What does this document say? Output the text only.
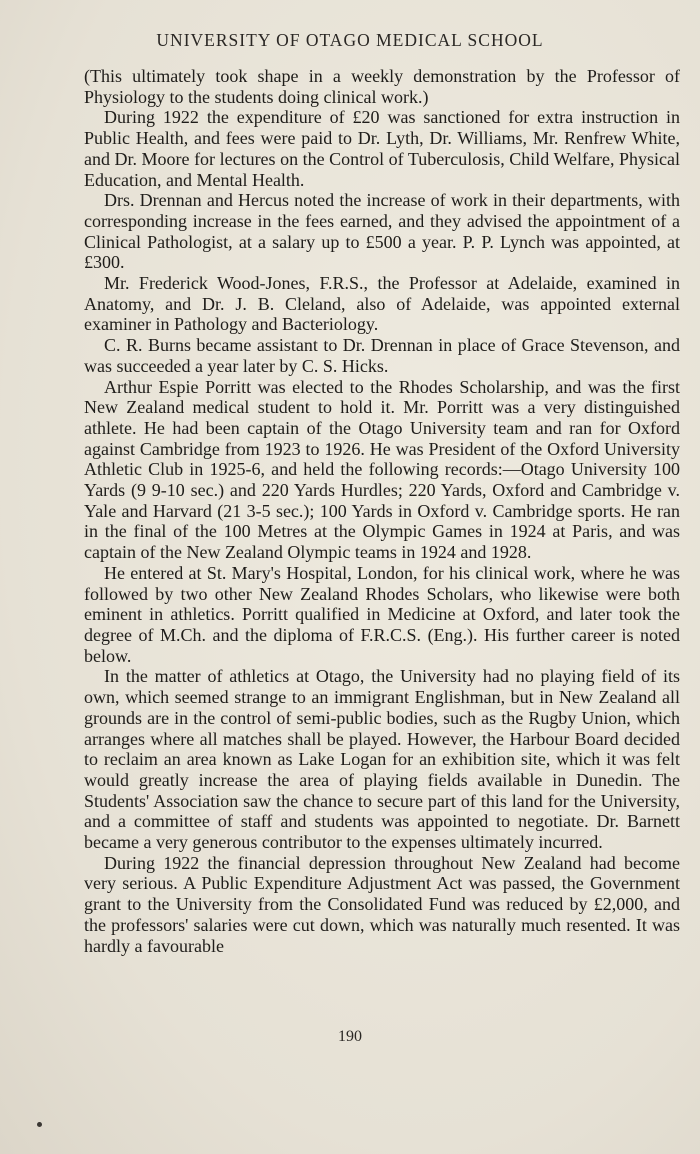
UNIVERSITY OF OTAGO MEDICAL SCHOOL

(This ultimately took shape in a weekly demonstration by the Professor of Physiology to the students doing clinical work.)

During 1922 the expenditure of £20 was sanctioned for extra instruction in Public Health, and fees were paid to Dr. Lyth, Dr. Williams, Mr. Renfrew White, and Dr. Moore for lectures on the Control of Tuberculosis, Child Welfare, Physical Education, and Mental Health.

Drs. Drennan and Hercus noted the increase of work in their departments, with corresponding increase in the fees earned, and they advised the appointment of a Clinical Pathologist, at a salary up to £500 a year. P. P. Lynch was appointed, at £300.

Mr. Frederick Wood-Jones, F.R.S., the Professor at Adelaide, examined in Anatomy, and Dr. J. B. Cleland, also of Adelaide, was appointed external examiner in Pathology and Bacteriology.

C. R. Burns became assistant to Dr. Drennan in place of Grace Stevenson, and was succeeded a year later by C. S. Hicks.

Arthur Espie Porritt was elected to the Rhodes Scholarship, and was the first New Zealand medical student to hold it. Mr. Porritt was a very distinguished athlete. He had been captain of the Otago University team and ran for Oxford against Cambridge from 1923 to 1926. He was President of the Oxford University Athletic Club in 1925-6, and held the following records:—Otago University 100 Yards (9 9-10 sec.) and 220 Yards Hurdles; 220 Yards, Oxford and Cambridge v. Yale and Harvard (21 3-5 sec.); 100 Yards in Oxford v. Cambridge sports. He ran in the final of the 100 Metres at the Olympic Games in 1924 at Paris, and was captain of the New Zealand Olympic teams in 1924 and 1928.

He entered at St. Mary's Hospital, London, for his clinical work, where he was followed by two other New Zealand Rhodes Scholars, who likewise were both eminent in athletics. Porritt qualified in Medicine at Oxford, and later took the degree of M.Ch. and the diploma of F.R.C.S. (Eng.). His further career is noted below.

In the matter of athletics at Otago, the University had no playing field of its own, which seemed strange to an immigrant Englishman, but in New Zealand all grounds are in the control of semi-public bodies, such as the Rugby Union, which arranges where all matches shall be played. However, the Harbour Board decided to reclaim an area known as Lake Logan for an exhibition site, which it was felt would greatly increase the area of playing fields available in Dunedin. The Students' Association saw the chance to secure part of this land for the University, and a committee of staff and students was appointed to negotiate. Dr. Barnett became a very generous contributor to the expenses ultimately incurred.

During 1922 the financial depression throughout New Zealand had become very serious. A Public Expenditure Adjustment Act was passed, the Government grant to the University from the Consolidated Fund was reduced by £2,000, and the professors' salaries were cut down, which was naturally much resented. It was hardly a favourable

190
